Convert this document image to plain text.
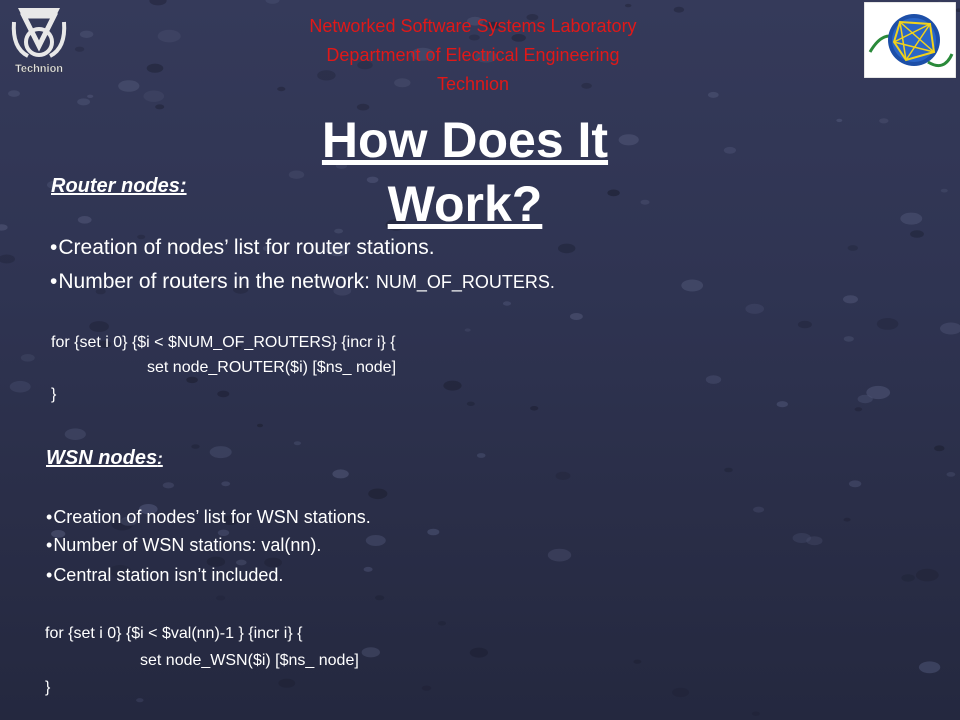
Technion
Networked Software Systems Laboratory
Department of Electrical Engineering
Technion
Router nodes:
•Creation of nodes’ list for router stations.
•Number of routers in the network: NUM_OF_ROUTERS.
for {set i 0} {$i < $NUM_OF_ROUTERS} {incr i} {
set node_ROUTER($i) [$ns_ node]
}
How Does It
Work?
WSN nodes:
•Creation of nodes’ list for WSN stations.
•Number of WSN stations: val(nn).
•Central station isn’t included.
for {set i 0} {$i < $val(nn)-1 } {incr i} {
set node_WSN($i) [$ns_ node]
}
